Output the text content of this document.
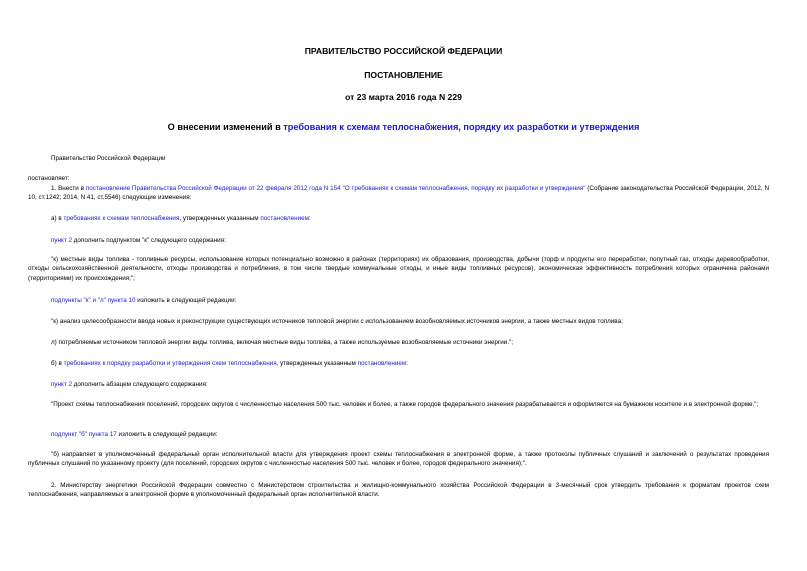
ПРАВИТЕЛЬСТВО РОССИЙСКОЙ ФЕДЕРАЦИИ
ПОСТАНОВЛЕНИЕ
от 23 марта 2016 года N 229
О внесении изменений в требования к схемам теплоснабжения, порядку их разработки и утверждения
Правительство Российской Федерации
постановляет:
1. Внести в постановление Правительства Российской Федерации от 22 февраля 2012 года N 154 "О требованиях к схемам теплоснабжения, порядку их разработки и утверждения" (Собрание законодательства Российской Федерации, 2012, N 10, ст.1242; 2014, N 41, ст.5546) следующие изменения:
а) в требованиях к схемам теплоснабжения, утвержденных указанным постановлением:
пункт 2 дополнить подпунктом "к" следующего содержания:
"к) местные виды топлива - топливные ресурсы, использование которых потенциально возможно в районах (территориях) их образования, производства, добычи (торф и продукты его переработки, попутный газ, отходы деревообработки, отходы сельскохозяйственной деятельности, отходы производства и потребления, в том числе твердые коммунальные отходы, и иные виды топливных ресурсов), экономическая эффективность потребления которых ограничена районами (территориями) их происхождения;";
подпункты "к" и "л" пункта 10 изложить в следующей редакции:
"к) анализ целесообразности ввода новых и реконструкции существующих источников тепловой энергии с использованием возобновляемых источников энергии, а также местных видов топлива;
л) потребляемые источником тепловой энергии виды топлива, включая местные виды топлива, а также используемые возобновляемые источники энергии.";
б) в требованиях к порядку разработки и утверждения схем теплоснабжения, утвержденных указанным постановлением:
пункт 2 дополнить абзацем следующего содержания:
"Проект схемы теплоснабжения поселений, городских округов с численностью населения 500 тыс. человек и более, а также городов федерального значения разрабатывается и оформляется на бумажном носителе и в электронной форме.";
подпункт "б" пункта 17 изложить в следующей редакции:
"б) направляет в уполномоченный федеральный орган исполнительной власти для утверждения проект схемы теплоснабжения в электронной форме, а также протоколы публичных слушаний и заключений о результатах проведения публичных слушаний по указанному проекту (для поселений, городских округов с численностью населения 500 тыс. человек и более, городов федерального значения);".
2. Министерству энергетики Российской Федерации совместно с Министерством строительства и жилищно-коммунального хозяйства Российской Федерации в 3-месячный срок утвердить требования к форматам проектов схем теплоснабжения, направляемых в электронной форме в уполномоченный федеральный орган исполнительной власти.
